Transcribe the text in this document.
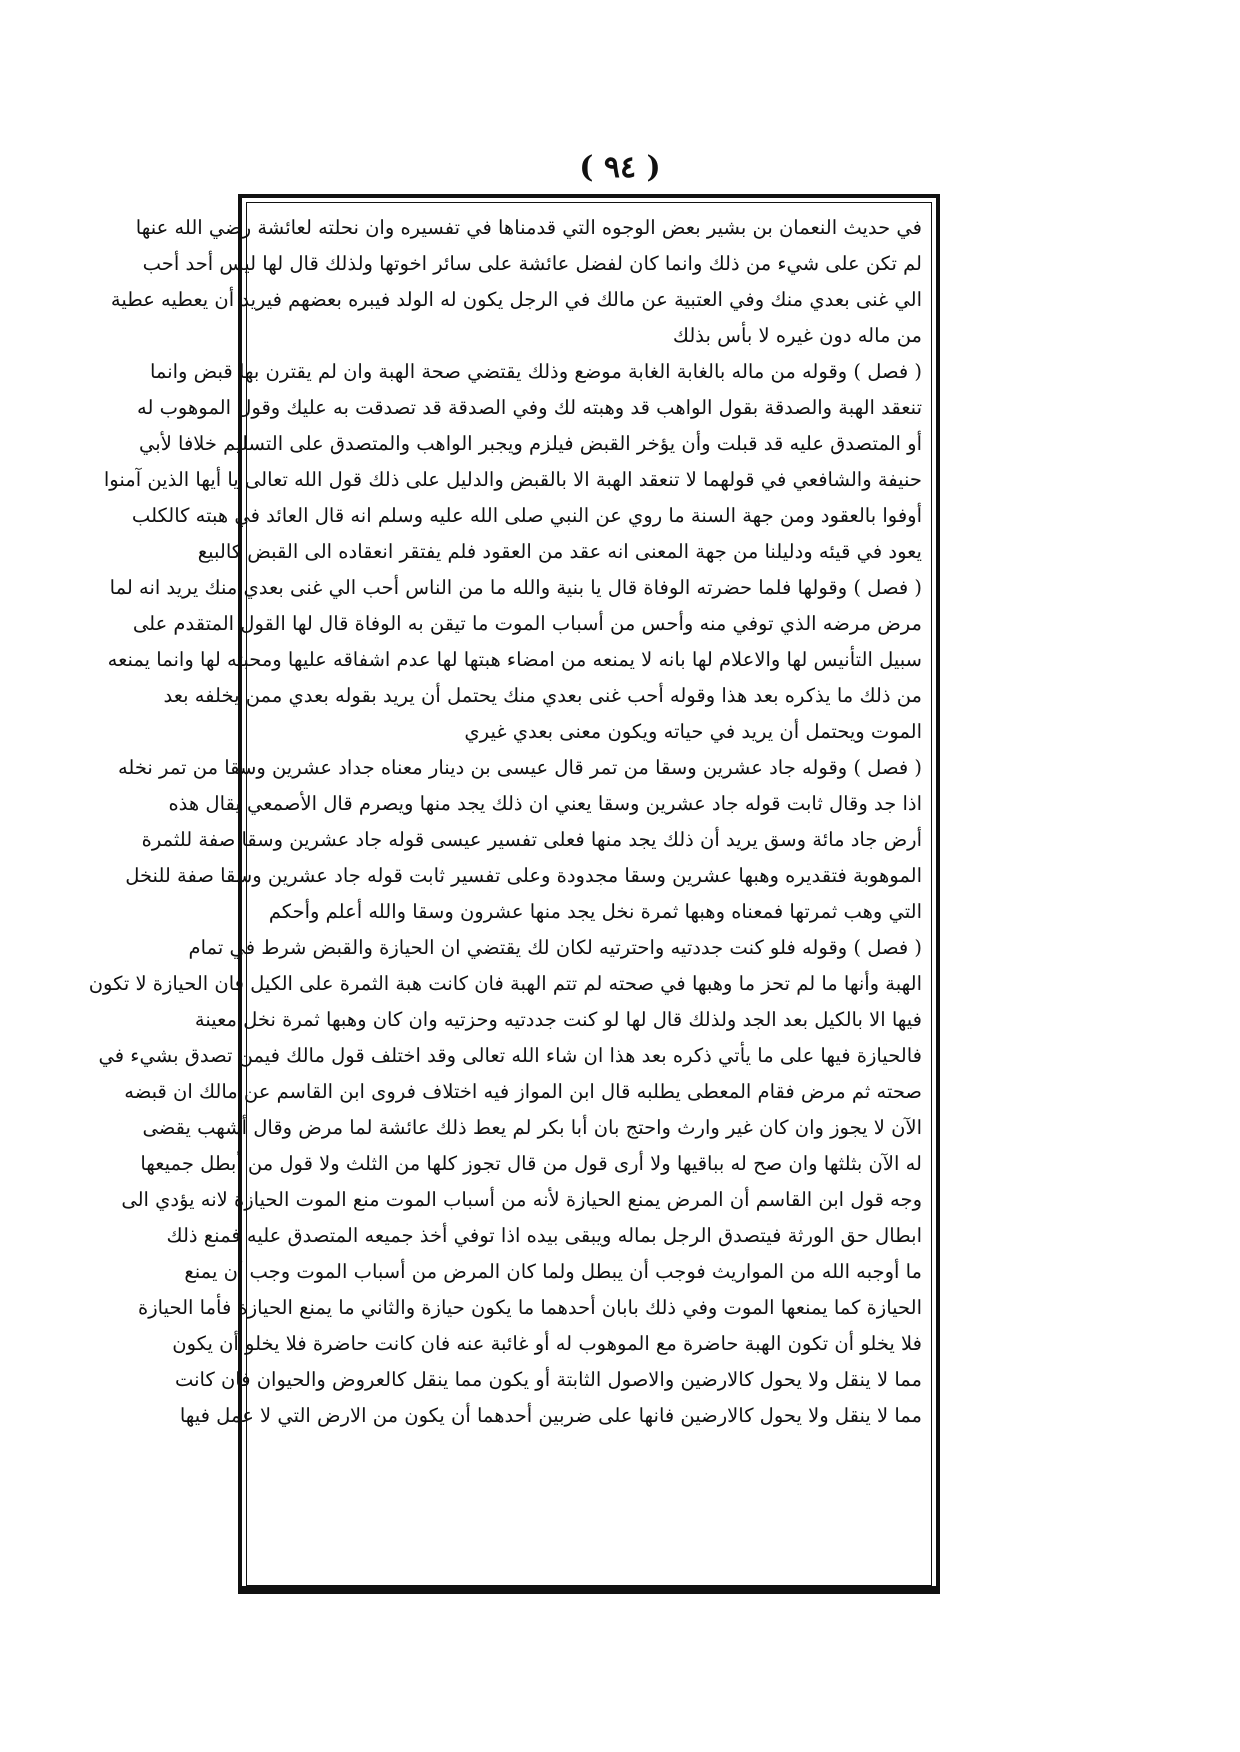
( ٩٤ )
في حديث النعمان بن بشير بعض الوجوه التي قدمناها في تفسيره وان نحلته لعائشة رضي الله عنها
لم تكن على شيء من ذلك وانما كان لفضل عائشة على سائر اخوتها ولذلك قال لها ليس أحد أحب
الي غنى بعدي منك وفي العتبية عن مالك في الرجل يكون له الولد فيبره بعضهم فيريد أن يعطيه عطية
من ماله دون غيره لا بأس بذلك
( فصل ) وقوله من ماله بالغابة الغابة موضع وذلك يقتضي صحة الهبة وان لم يقترن بها قبض وانما
تنعقد الهبة والصدقة بقول الواهب قد وهبته لك وفي الصدقة قد تصدقت به عليك وقول الموهوب له
أو المتصدق عليه قد قبلت وأن يؤخر القبض فيلزم ويجبر الواهب والمتصدق على التسليم خلافا لأبي
حنيفة والشافعي في قولهما لا تنعقد الهبة الا بالقبض والدليل على ذلك قول الله تعالى يا أيها الذين آمنوا
أوفوا بالعقود ومن جهة السنة ما روي عن النبي صلى الله عليه وسلم انه قال العائد في هبته كالكلب
يعود في قيئه ودليلنا من جهة المعنى انه عقد من العقود فلم يفتقر انعقاده الى القبض كالبيع
( فصل ) وقولها فلما حضرته الوفاة قال يا بنية والله ما من الناس أحب الي غنى بعدي منك يريد انه لما
مرض مرضه الذي توفي منه وأحس من أسباب الموت ما تيقن به الوفاة قال لها القول المتقدم على
سبيل التأنيس لها والاعلام لها بانه لا يمنعه من امضاء هبتها لها عدم اشفاقه عليها ومحبته لها وانما يمنعه
من ذلك ما يذكره بعد هذا وقوله أحب غنى بعدي منك يحتمل أن يريد بقوله بعدي ممن يخلفه بعد
الموت ويحتمل أن يريد في حياته ويكون معنى بعدي غيري
( فصل ) وقوله جاد عشرين وسقا من تمر قال عيسى بن دينار معناه جداد عشرين وسقا من تمر نخله
اذا جد وقال ثابت قوله جاد عشرين وسقا يعني ان ذلك يجد منها ويصرم قال الأصمعي يقال هذه
أرض جاد مائة وسق يريد أن ذلك يجد منها فعلى تفسير عيسى قوله جاد عشرين وسقا صفة للثمرة
الموهوبة فتقديره وهبها عشرين وسقا مجدودة وعلى تفسير ثابت قوله جاد عشرين وسقا صفة للنخل
التي وهب ثمرتها فمعناه وهبها ثمرة نخل يجد منها عشرون وسقا والله أعلم وأحكم
( فصل ) وقوله فلو كنت جددتيه واحترتيه لكان لك يقتضي ان الحيازة والقبض شرط في تمام
الهبة وأنها ما لم تحز ما وهبها في صحته لم تتم الهبة فان كانت هبة الثمرة على الكيل فان الحيازة لا تكون
فيها الا بالكيل بعد الجد ولذلك قال لها لو كنت جددتيه وحزتيه وان كان وهبها ثمرة نخل معينة
فالحيازة فيها على ما يأتي ذكره بعد هذا ان شاء الله تعالى وقد اختلف قول مالك فيمن تصدق بشيء في
صحته ثم مرض فقام المعطى يطلبه قال ابن المواز فيه اختلاف فروى ابن القاسم عن مالك ان قبضه
الآن لا يجوز وان كان غير وارث واحتج بان أبا بكر لم يعط ذلك عائشة لما مرض وقال أشهب يقضى
له الآن بثلثها وان صح له بباقيها ولا أرى قول من قال تجوز كلها من الثلث ولا قول من أبطل جميعها
وجه قول ابن القاسم أن المرض يمنع الحيازة لأنه من أسباب الموت منع الموت الحيازة لانه يؤدي الى
ابطال حق الورثة فيتصدق الرجل بماله ويبقى بيده اذا توفي أخذ جميعه المتصدق عليه فمنع ذلك
ما أوجبه الله من المواريث فوجب أن يبطل ولما كان المرض من أسباب الموت وجب أن يمنع
الحيازة كما يمنعها الموت وفي ذلك بابان أحدهما ما يكون حيازة والثاني ما يمنع الحيازة فأما الحيازة
فلا يخلو أن تكون الهبة حاضرة مع الموهوب له أو غائبة عنه فان كانت حاضرة فلا يخلو أن يكون
مما لا ينقل ولا يحول كالارضين والاصول الثابتة أو يكون مما ينقل كالعروض والحيوان فان كانت
مما لا ينقل ولا يحول كالارضين فانها على ضربين أحدهما أن يكون من الارض التي لا عمل فيها
